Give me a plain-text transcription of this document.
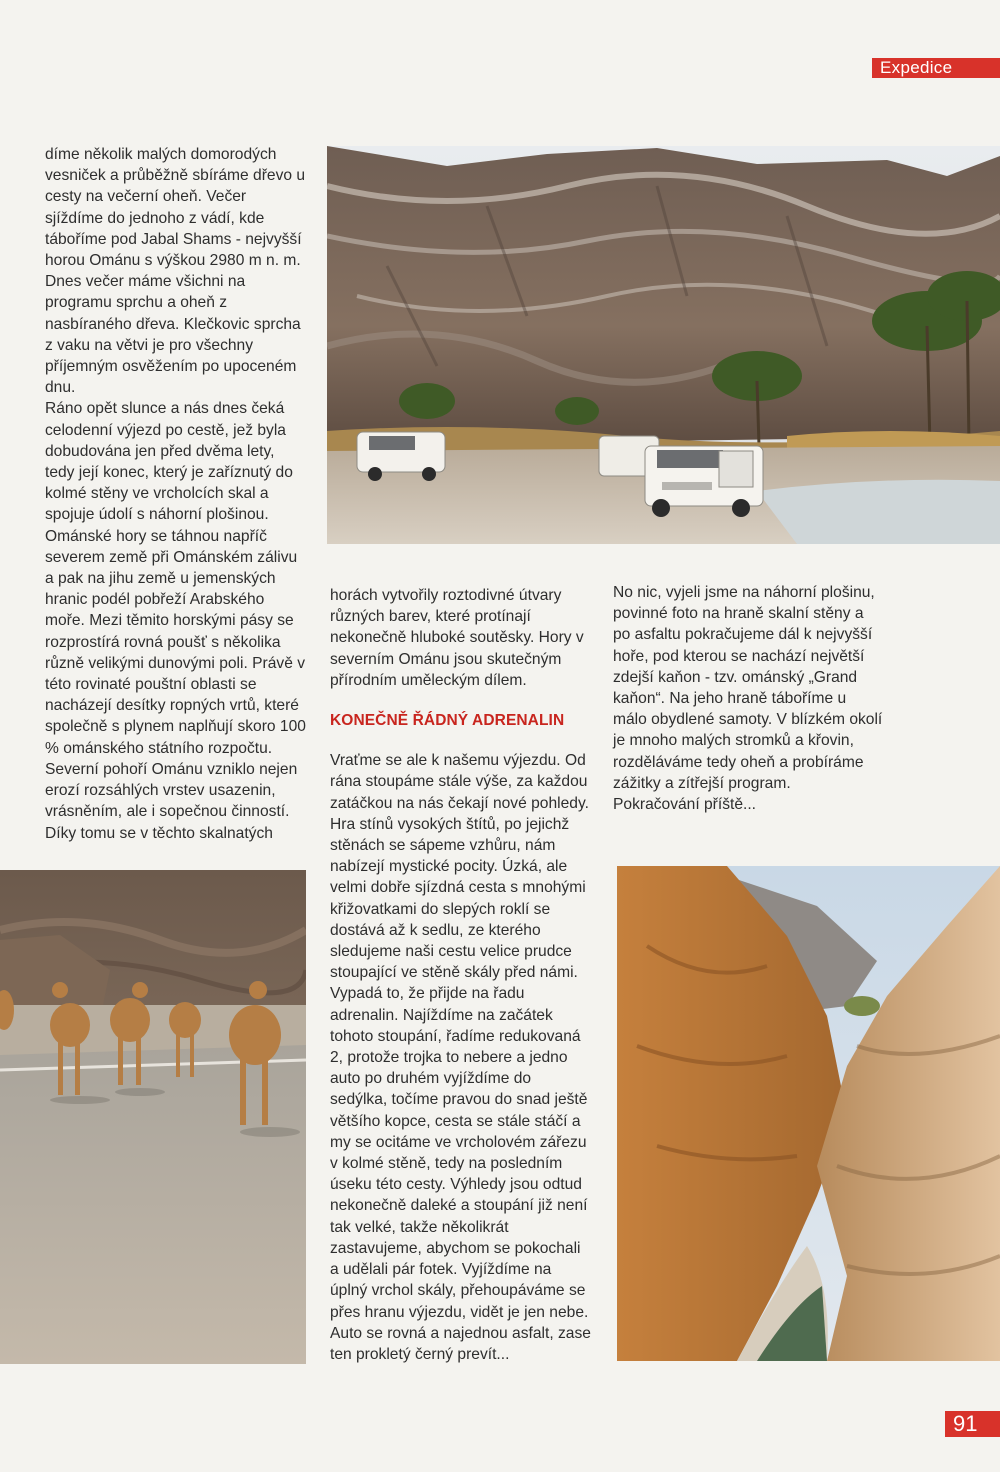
Expedice

díme několik malých domorodých vesniček a průběžně sbíráme dřevo u cesty na večerní oheň. Večer sjíždíme do jednoho z vádí, kde táboříme pod Jabal Shams - nejvyšší horou Ománu s výškou 2980 m n. m. Dnes večer máme všichni na programu sprchu a oheň z nasbíraného dřeva. Klečkovic sprcha z vaku na větvi je pro všechny příjemným osvěžením po upoceném dnu.

Ráno opět slunce a nás dnes čeká celodenní výjezd po cestě, jež byla dobudována jen před dvěma lety, tedy její konec, který je zaříznutý do kolmé stěny ve vrcholcích skal a spojuje údolí s náhorní plošinou. Ománské hory se táhnou napříč severem země při Ománském zálivu a pak na jihu země u jemenských hranic podél pobřeží Arabského moře. Mezi těmito horskými pásy se rozprostírá rovná poušť s několika různě velikými dunovými poli. Právě v této rovinaté pouštní oblasti se nacházejí desítky ropných vrtů, které společně s plynem naplňují skoro 100 % ománského státního rozpočtu.

Severní pohoří Ománu vzniklo nejen erozí rozsáhlých vrstev usazenin, vrásněním, ale i sopečnou činností. Díky tomu se v těchto skalnatých

horách vytvořily roztodivné útvary různých barev, které protínají nekonečně hluboké soutěsky. Hory v severním Ománu jsou skutečným přírodním uměleckým dílem.

KONEČNĚ ŘÁDNÝ ADRENALIN

Vraťme se ale k našemu výjezdu. Od rána stoupáme stále výše, za každou zatáčkou na nás čekají nové pohledy. Hra stínů vysokých štítů, po jejichž stěnách se sápeme vzhůru, nám nabízejí mystické pocity. Úzká, ale velmi dobře sjízdná cesta s mnohými křižovatkami do slepých roklí se dostává až k sedlu, ze kterého sledujeme naši cestu velice prudce stoupající ve stěně skály před námi. Vypadá to, že přijde na řadu adrenalin. Najíždíme na začátek tohoto stoupání, řadíme redukovaná 2, protože trojka to nebere a jedno auto po druhém vyjíždíme do sedýlka, točíme pravou do snad ještě většího kopce, cesta se stále stáčí a my se ocitáme ve vrcholovém zářezu v kolmé stěně, tedy na posledním úseku této cesty. Výhledy jsou odtud nekonečně daleké a stoupání již není tak velké, takže několikrát zastavujeme, abychom se pokochali a udělali pár fotek. Vyjíždíme na úplný vrchol skály, přehoupáváme se přes hranu výjezdu, vidět je jen nebe. Auto se rovná a najednou asfalt, zase ten prokletý černý prevít...

No nic, vyjeli jsme na náhorní plošinu, povinné foto na hraně skalní stěny a po asfaltu pokračujeme dál k nejvyšší hoře, pod kterou se nachází největší zdejší kaňon - tzv. ománský „Grand kaňon“. Na jeho hraně táboříme u málo obydlené samoty. V blízkém okolí je mnoho malých stromků a křovin, rozděláváme tedy oheň a probíráme zážitky a zítřejší program.

Pokračování příště...

91
